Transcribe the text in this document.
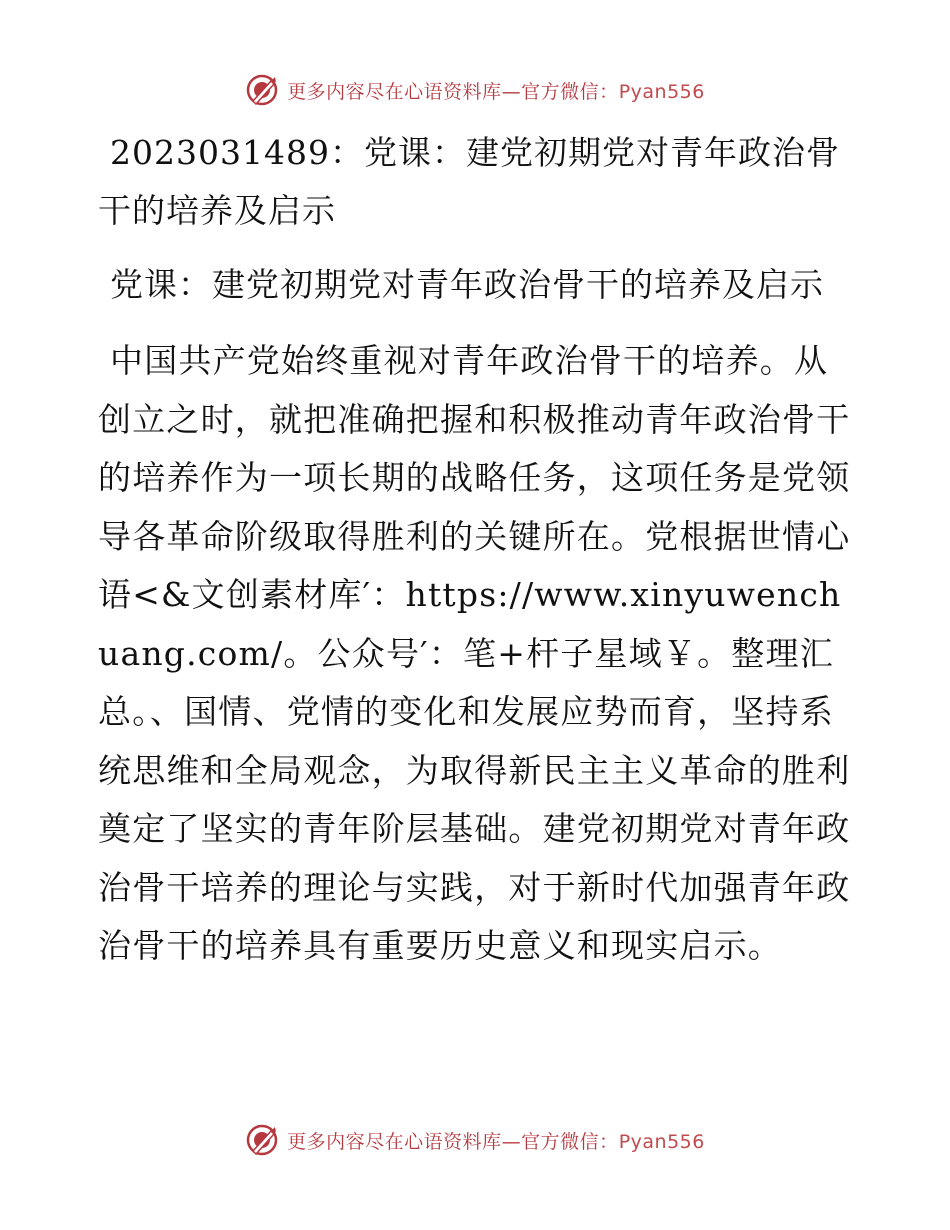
更多内容尽在心语资料库—官方微信：Pyan556
2023031489：党课：建党初期党对青年政治骨干的培养及启示
党课：建党初期党对青年政治骨干的培养及启示

中国共产党始终重视对青年政治骨干的培养。从创立之时，就把准确把握和积极推动青年政治骨干的培养作为一项长期的战略任务，这项任务是党领导各革命阶级取得胜利的关键所在。党根据世情心语<&文创素材库′：https://www.xinyuwenchuang.com/。公众号′：笔+杆子星域￥。整理汇总。、国情、党情的变化和发展应势而育，坚持系统思维和全局观念，为取得新民主主义革命的胜利奠定了坚实的青年阶层基础。建党初期党对青年政治骨干培养的理论与实践，对于新时代加强青年政治骨干的培养具有重要历史意义和现实启示。

更多内容尽在心语资料库—官方微信：Pyan556
